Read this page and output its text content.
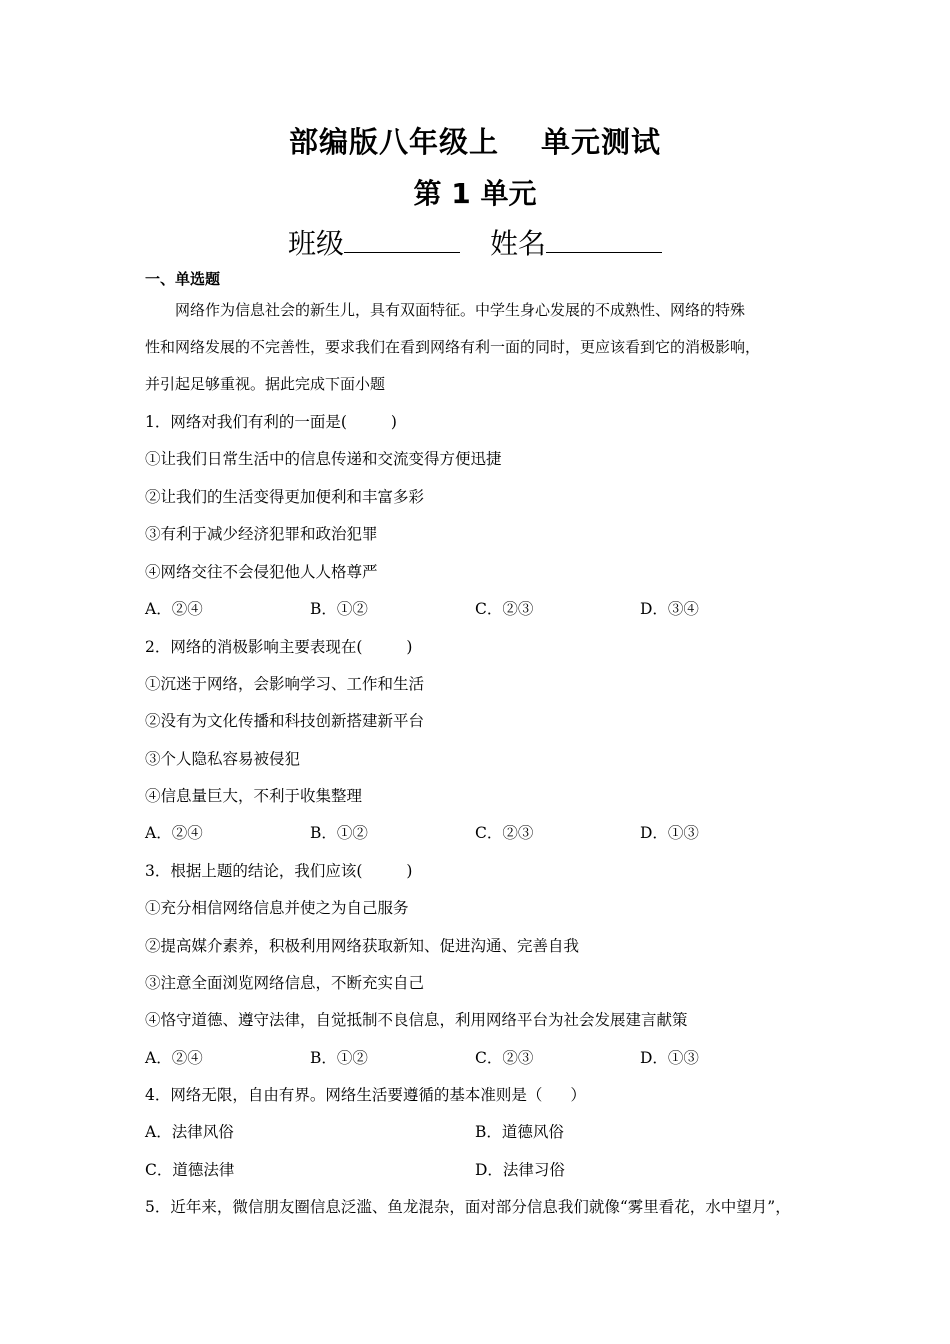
部编版八年级上 单元测试
第 1 单元
班级	姓名
一、单选题
网络作为信息社会的新生儿，具有双面特征。中学生身心发展的不成熟性、网络的特殊
性和网络发展的不完善性，要求我们在看到网络有利一面的同时，更应该看到它的消极影响，
并引起足够重视。据此完成下面小题
1．网络对我们有利的一面是(	)
①让我们日常生活中的信息传递和交流变得方便迅捷
②让我们的生活变得更加便利和丰富多彩
③有利于减少经济犯罪和政治犯罪
④网络交往不会侵犯他人人格尊严
A．②④	B．①②	C．②③	D．③④
2．网络的消极影响主要表现在(	)
①沉迷于网络，会影响学习、工作和生活
②没有为文化传播和科技创新搭建新平台
③个人隐私容易被侵犯
④信息量巨大，不利于收集整理
A．②④	B．①②	C．②③	D．①③
3．根据上题的结论，我们应该(	)
①充分相信网络信息并使之为自己服务
②提高媒介素养，积极利用网络获取新知、促进沟通、完善自我
③注意全面浏览网络信息，不断充实自己
④恪守道德、遵守法律，自觉抵制不良信息，利用网络平台为社会发展建言献策
A．②④	B．①②	C．②③	D．①③
4．网络无限，自由有界。网络生活要遵循的基本准则是（ ）
A．法律风俗	B．道德风俗
C．道德法律	D．法律习俗
5．近年来，微信朋友圈信息泛滥、鱼龙混杂，面对部分信息我们就像“雾里看花，水中望月”，
